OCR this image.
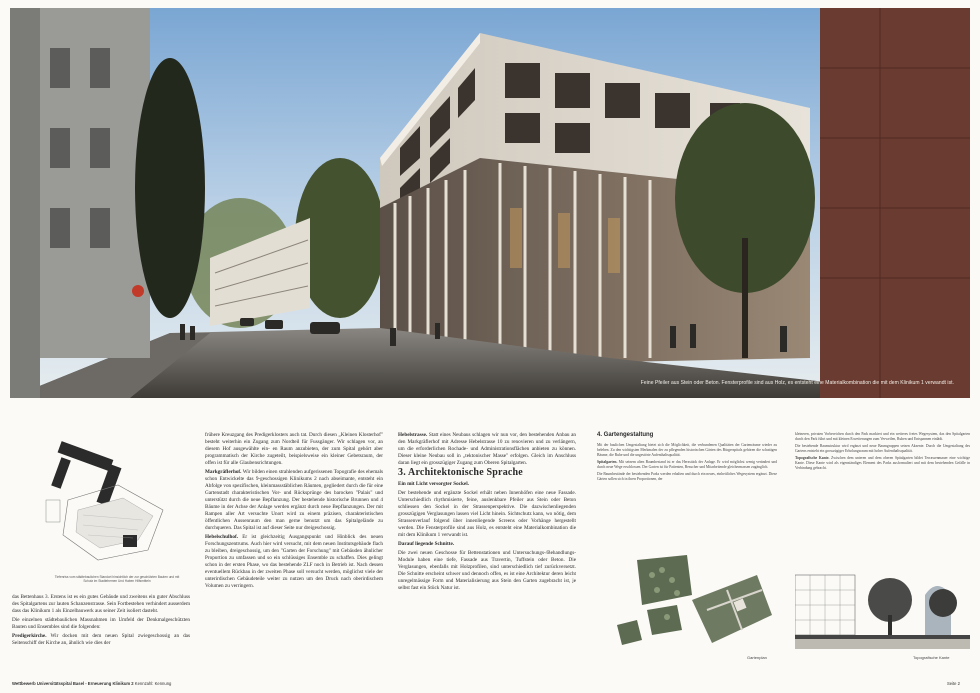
Feine Pfeiler aus Stein oder Beton. Fensterprofile sind aus Holz, es entsteht eine Materialkombination die mit dem Klinikum 1 verwandt ist.
Tiefenriss vom städtebaulichen Standort hinsichtlich der zur geschützten Bauten und mit Schutz im Stadtehemen Und Haben Hilfsmitteln

das Bettenhaus 3. Erstens ist es ein gutes Gebäude und zweitens ein guter Abschluss des Spitalgartens zur lauten Schanzenstrasse. Sein Fortbestehen verhindert ausserdem dass das Klinikum 1 als Einzelbauwerk aus seiner Zeit isoliert dasteht.

Die einzelnen städtebaulichen Massnahmen im Umfeld der Denkmalgeschützten Bauten und Ensembles sind die folgenden:

Predigerkirche. Wir docken mit dem neuen Spital zwiegeschossig an das Seitenschiff der Kirche an, ähnlich wie dies der

frühere Kreuzgang des Predigerklosters auch tat. Durch diesen „Kleinen Klosterhof" besteht weiterhin ein Zugang zum Nordteil für Fussgänger. Wir schlagen vor, an diesem Hof ausgewählte ein- en Raum anzubieten, der zum Spital gehört aber programmatisch der Kirche zugeteilt, beispielsweise ein kleiner Gebetsraum, der offen ist für alle Glaubensrichtungen.

Markgräflerhof. Wir bilden einen strahlenden aufgerissenen Topografie des ehemals schon Entwickelte das 9-geschossigen Klinikums 2 nach abseimante, entsteht ein Abfolge von spezifischen, kleinmassstäblichen Räumen, gegliedert durch die für eine Gartenstadt charakteristischen Vor- und Rücksprünge des barocken "Palais" und unterstützt durch die neue Bepflanzung. Der bestehende historische Brunnen und 4 Bäume in der Achse der Anlage werden ergänzt durch neue Bepflanzungen. Der mit Rampen aller Art versuchte Unort wird zu einem präzisen, charakteristischen öffentlichen Aussenraum den man gerne benutzt um das Spitalgelände zu durchqueren. Das Spital ist auf dieser Seite nur dreigeschossig.

Hebelschulhof. Er ist gleichzeitig Ausgangspunkt und Hinblick des neuen Forschungszentrums. Auch hier wird versucht, mit dem neuen Institutsgebäude flach zu bleiben, dreigeschossig, um den "Garten der Forschung" mit Gebäuden ähnlicher Proportion zu umfassen und so ein schlüssiges Ensemble zu schaffen. Dies gelingt schon in der ersten Phase, wo das bestehende ZLF noch in Betrieb ist. Nach dessen eventuellem Rückbau in der zweiten Phase soll versucht werden, möglichst viele der unterirdischen Gebäudeteile weiter zu nutzen um den Druck nach oberirdischem Volumen zu verringern.

Hebelstrasse. Statt eines Neubaus schlagen wir nun vor, den bestehenden Anbau an den Markgräflerhof mit Adresse Hebelstrasse 10 zu renovieren und zu verlängern, um die erforderlichen Rochade- und Administrationsflächen anbieten zu können. Dieser kleine Neubau soll in „tektonischer Masse" erfolgen. Gleich im Anschluss daran liegt ein grosszügiger Zugang zum Oberen Spitalgarten.

3. Architektonische Sprache

Ein mit Licht versorgter Sockel.

Der bestehende und ergänzte Sockel erhält neben Innenhöfen eine neue Fassade. Unterschiedlich rhythmisierte, feine, auslenkbare Pfeiler aus Stein oder Beton schliessen den Sockel in der Strassenperspektive. Die dazwischenliegenden grosszügigen Verglasungen lassen viel Licht hinein. Sichtschutz kann, wo nötig, dem Strassenverlauf folgend über innenliegende Screens oder Vorhänge hergestellt werden. Die Fensterprofile sind aus Holz, es entsteht eine Materialkombination die mit dem Klinikum 1 verwandt ist.

Darauf liegende Schnitte.

Die zwei neuen Geschosse für Bettenstationen und Untersuchungs-/Behandlungs-Module haben eine tiefe, Fassade aus Travertin, Tuffstein oder Beton. Die Verglasungen, ebenfalls mit Holzprofilen, sind unterschiedlich tief zurückversetzt. Die Schnitte erscheint schwer und dennoch offen, es ist eine Architektur deren leicht unregelmässige Form und Materialisierung aus Stein den Garten zugebracht ist, je selbst fast ein Stück Natur ist.

4. Gartengestaltung

Mit der baulichen Umgestaltung bietet sich die Möglichkeit, die verbundenen Qualitäten der Gartenräume wieder zu beleben. Zu den wichtigsten Merkmalen der zu pflegenden historischen Gärten des Bürgerspitals gehören die schattigen Bäume, die Ruhe und die ungestörte Aufenthaltsqualität.

Spitalgarten. Mit seinem alten Baumbestand ist er das Herzstück der Anlage. Er wird möglichst wenig verändert und durch neue Wege erschlossen. Der Garten ist für Patienten, Besucher und Mitarbeitende gleichermassen zugänglich.

Die Baumbestände der bestehenden Parks werden erhalten und durch ein neues, einheitliches Wegesystem ergänzt. Diese Gärten sollen sich in ihren Proportionen, der

Gartenplan

kleineren, privaten Vorbereichen durch den Park markiert und ein weiteres freies Wegesystem, das den Spitalgarten durch den Park führt und mit kleinen Erweiterungen zum Verweilen, Ruhen und Entspannen einlädt.

Die bestehende Baumstruktur wird ergänzt und neue Baumgruppen setzen Akzente. Durch die Umgestaltung des Gartens entsteht ein grosszügiger Erholungsraum mit hoher Aufenthaltsqualität.

Topografische Kante. Zwischen dem unteren und dem oberen Spitalgarten bildet Terrassenmauer eine wichtige Kante. Diese Kante wird als eigenständiges Element des Parks ausformuliert und mit dem bestehenden Gefälle in Verbindung gebracht.

Topografische Kante
Wettbewerb Universitätsspital Basel - Erneuerung Klinikum 2 Kennzahl: Kennung	Seite 2
